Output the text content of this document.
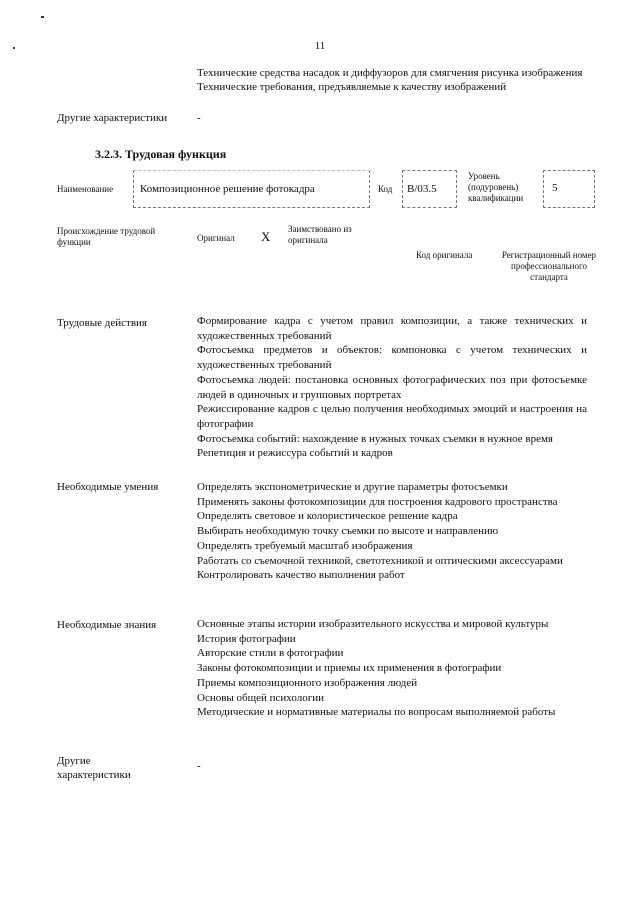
11

Технические средства насадок и диффузоров для смягчения рисунка изображения

Технические требования, предъявляемые к качеству изображений

Другие характеристики	-
3.2.3. Трудовая функция
Наименование Композиционное решение фотокадра	Код B/03.5
Уровень (подуровень) квалификации
5
Происхождение трудовой функции	Оригинал X Заимствовано из оригинала
Код оригинала	Регистрационный номер профессионального стандарта
Трудовые действия	Формирование кадра с учетом правил композиции, а также технических и художественных требований

Фотосъемка предметов и объектов: компоновка с учетом технических и художественных требований

Фотосъемка людей: постановка основных фотографических поз при фотосъемке людей в одиночных и групповых портретах

Режиссирование кадров с целью получения необходимых эмоций и настроения на фотографии

Фотосъемка событий: нахождение в нужных точках съемки в нужное время

Репетиция и режиссура событий и кадров

Необходимые умения	Определять экспонометрические и другие параметры фотосъемки

Применять законы фотокомпозиции для построения кадрового пространства

Определять световое и колористическое решение кадра

Выбирать необходимую точку съемки по высоте и направлению

Определять требуемый масштаб изображения

Работать со съемочной техникой, светотехникой и оптическими аксессуарами

Контролировать качество выполнения работ

Необходимые знания	Основные этапы истории изобразительного искусства и мировой культуры

История фотографии

Авторские стили в фотографии

Законы фотокомпозиции и приемы их применения в фотографии

Приемы композиционного изображения людей

Основы общей психологии

Методические и нормативные материалы по вопросам выполняемой работы

Другие характеристики

-
